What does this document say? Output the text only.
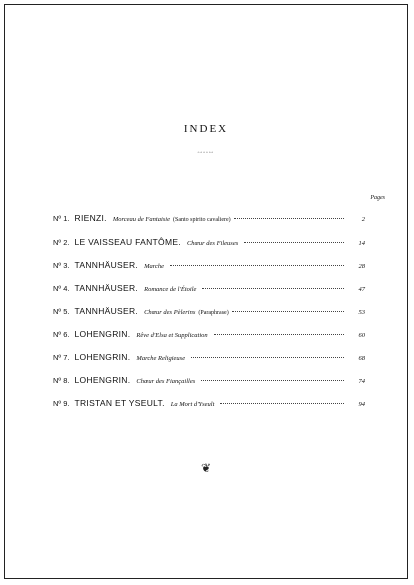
INDEX
▫▫▫▫▫▫
Pages
Nº 1. RIENZI. Morceau de Fantaisie (Santo spirito cavaliere)	2
Nº 2. LE VAISSEAU FANTÔME. Chœur des Fileuses	14
Nº 3. TANNHÄUSER. Marche	28
Nº 4. TANNHÄUSER. Romance de l'Étoile	47
Nº 5. TANNHÄUSER. Chœur des Pèlerins (Paraphrase)	53
Nº 6. LOHENGRIN. Rêve d'Elsa et Supplication	60
Nº 7. LOHENGRIN. Marche Religieuse	68
Nº 8. LOHENGRIN. Chœur des Fiançailles	74
Nº 9. TRISTAN ET YSEULT. La Mort d'Yseult	94
❦
